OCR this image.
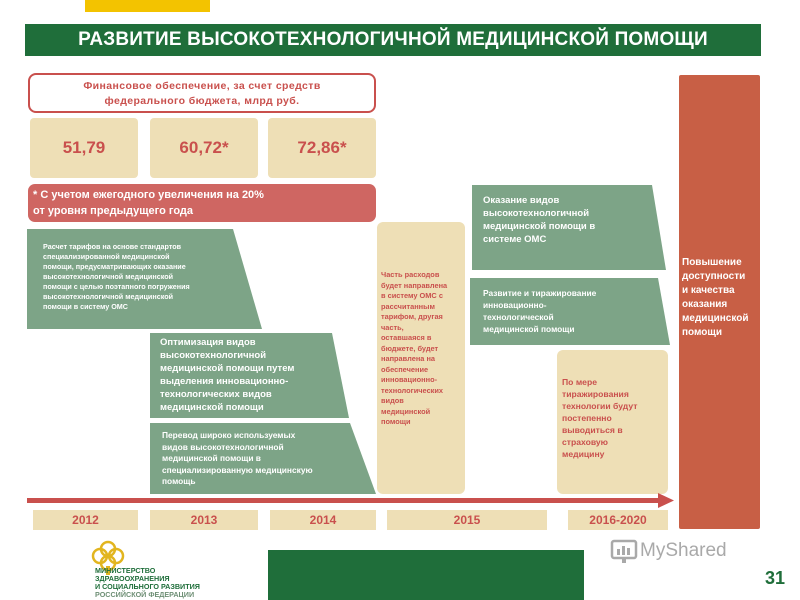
РАЗВИТИЕ ВЫСОКОТЕХНОЛОГИЧНОЙ МЕДИЦИНСКОЙ ПОМОЩИ
Финансовое обеспечение, за счет средств
федерального бюджета, млрд руб.
51,79	60,72*	72,86*
* С учетом ежегодного увеличения на 20%
от уровня предыдущего года
Расчет тарифов на основе стандартов
специализированной медицинской
помощи, предусматривающих оказание
высокотехнологичной медицинской
помощи с целью поэтапного погружения
высокотехнологичной медицинской
помощи в систему ОМС
Оптимизация видов
высокотехнологичной
медицинской помощи путем
выделения инновационно-
технологических видов
медицинской помощи
Перевод широко используемых
видов высокотехнологичной
медицинской помощи в
специализированную медицинскую
помощь
Часть расходов
будет направлена
в систему ОМС с
рассчитанным
тарифом, другая
часть,
оставшаяся в
бюджете, будет
направлена на
обеспечение
инновационно-
технологических
видов
медицинской
помощи
Оказание видов
высокотехнологичной
медицинской помощи в
системе ОМС
Развитие и тиражирование
инновационно-
технологической
медицинской помощи
По мере
тиражирования
технологии будут
постепенно
выводиться в
страховую
медицину
Повышение
доступности
и качества
оказания
медицинской
помощи
2012	2013	2014	2015	2016-2020
МИНИСТЕРСТВО
ЗДРАВООХРАНЕНИЯ
И СОЦИАЛЬНОГО РАЗВИТИЯ
РОССИЙСКОЙ ФЕДЕРАЦИИ
MyShared
31
